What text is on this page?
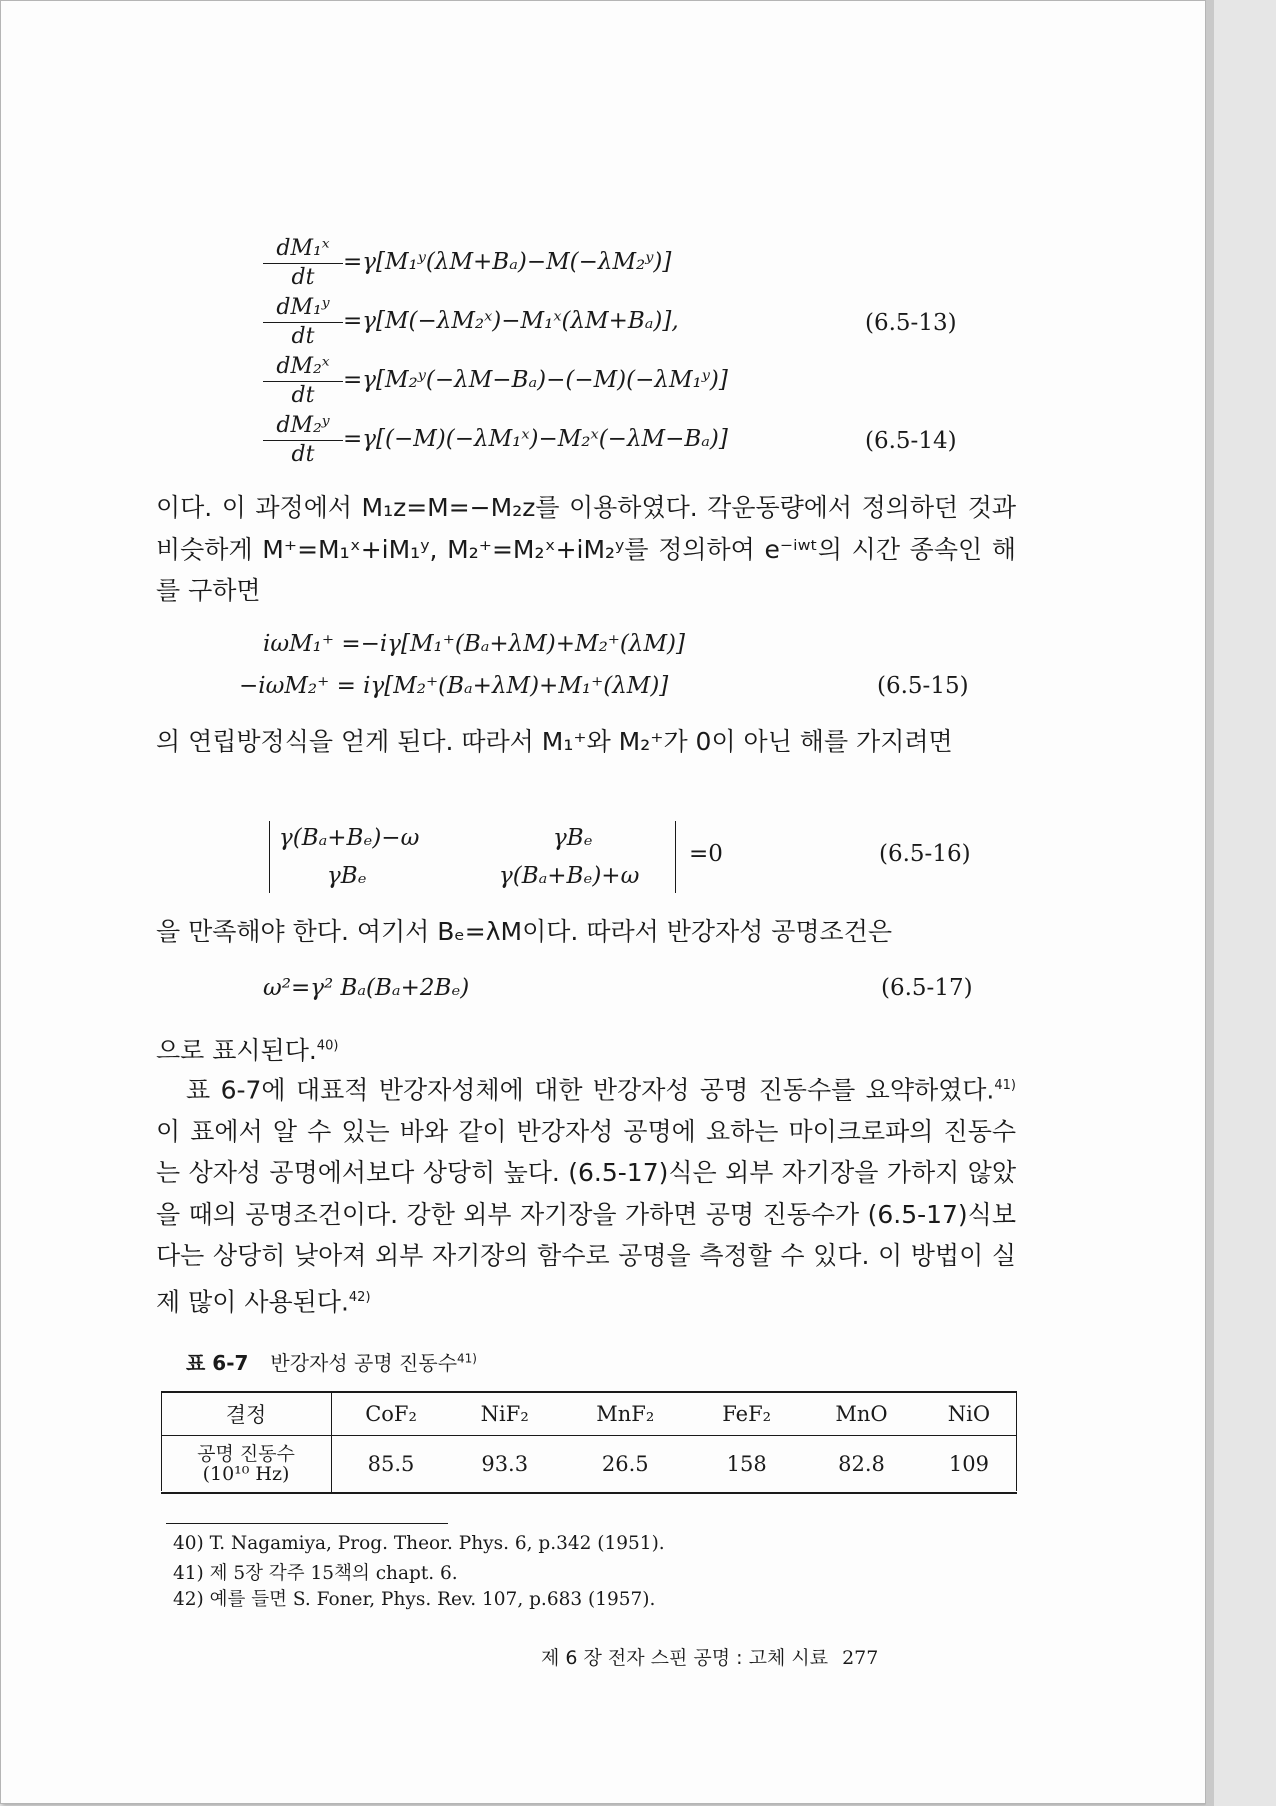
$\frac{\text{dM₁ˣ}}{dt}$ =γ[M₁ʸ(λM+Bₐ)−M(−λM₂ʸ)]
$\frac{\text{dM₁ʸ}}{dt}$ =γ[M(−λM₂ˣ)−M₁ˣ(λM+Bₐ)],	(6.5-13)
$\frac{\text{dM₂ˣ}}{dt}$ =γ[M₂ʸ(−λM−Bₐ)−(−M)(−λM₁ʸ)]
$\frac{\text{dM₂ʸ}}{dt}$ =γ[(−M)(−λM₁ˣ)−M₂ˣ(−λM−Bₐ)]	(6.5-14)
이다. 이 과정에서 M₁z=M=−M₂z를 이용하였다. 각운동량에서 정의하던 것과 비슷하게 M⁺=M₁ˣ+iM₁ʸ, M₂⁺=M₂ˣ+iM₂ʸ를 정의하여 e⁻ⁱʷᵗ의 시간 종속인 해를 구하면
iωM₁⁺ =−iγ[M₁⁺(Bₐ+λM)+M₂⁺(λM)]
−iωM₂⁺ = iγ[M₂⁺(Bₐ+λM)+M₁⁺(λM)]	(6.5-15)
의 연립방정식을 얻게 된다. 따라서 M₁⁺와 M₂⁺가 0이 아닌 해를 가지려면
γ(Bₐ+Bₑ)−ω	γBₑ
γBₑ	γ(Bₐ+Bₑ)+ω
=0	(6.5-16)
을 만족해야 한다. 여기서 Bₑ=λM이다. 따라서 반강자성 공명조건은
ω²=γ² Bₐ(Bₐ+2Bₑ)	(6.5-17)
으로 표시된다.$^{40)}$
표 6-7에 대표적 반강자성체에 대한 반강자성 공명 진동수를 요약하였다.$^{41)}$ 이 표에서 알 수 있는 바와 같이 반강자성 공명에 요하는 마이크로파의 진동수는 상자성 공명에서보다 상당히 높다. (6.5-17)식은 외부 자기장을 가하지 않았을 때의 공명조건이다. 강한 외부 자기장을 가하면 공명 진동수가 (6.5-17)식보다는 상당히 낮아져 외부 자기장의 함수로 공명을 측정할 수 있다. 이 방법이 실제 많이 사용된다.$^{42)}$
표 6-7 반강자성 공명 진동수$^{41)}$
결정	CoF₂	NiF₂	MnF₂	FeF₂	MnO	NiO

공명 진동수
(10¹⁰ Hz)	85.5	93.3	26.5	158	82.8	109
40) T. Nagamiya, Prog. Theor. Phys. 6, p.342 (1951).
41) 제 5장 각주 15책의 chapt. 6.
42) 예를 들면 S. Foner, Phys. Rev. 107, p.683 (1957).
제 6 장 전자 스핀 공명 : 고체 시료 277
